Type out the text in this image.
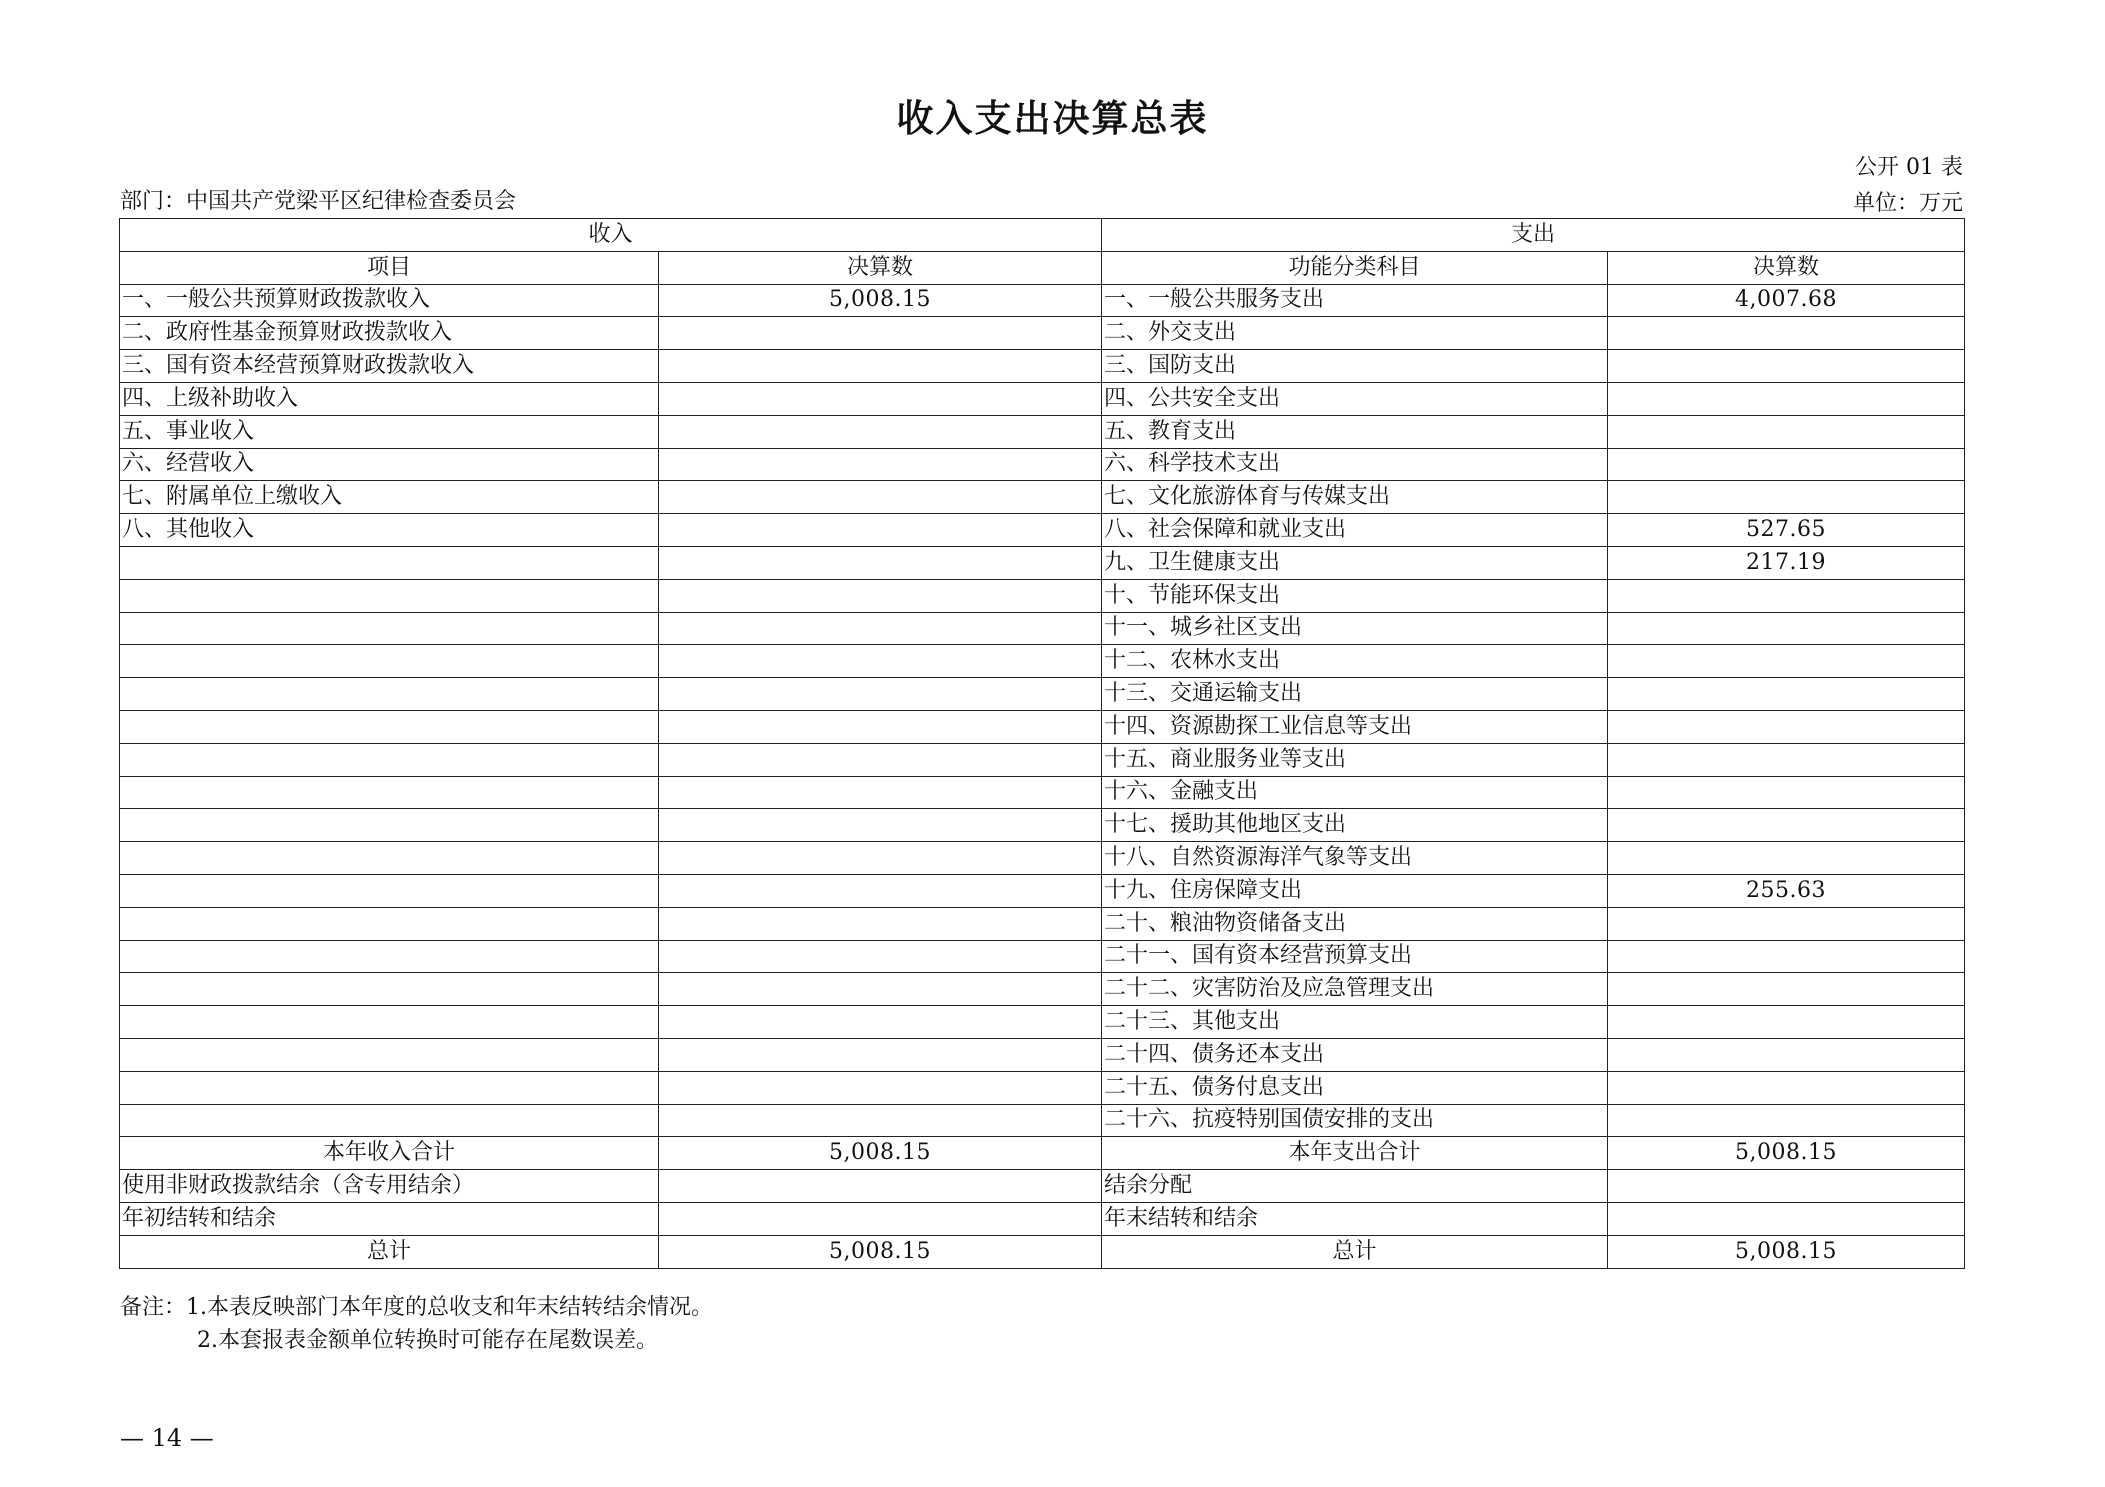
收入支出决算总表
公开 01 表
部门：中国共产党梁平区纪律检查委员会	单位：万元
收入		支出	
项目	决算数	功能分类科目	决算数
一、一般公共预算财政拨款收入	5,008.15	一、一般公共服务支出	4,007.68
二、政府性基金预算财政拨款收入		二、外交支出	
三、国有资本经营预算财政拨款收入		三、国防支出	
四、上级补助收入		四、公共安全支出	
五、事业收入		五、教育支出	
六、经营收入		六、科学技术支出	
七、附属单位上缴收入		七、文化旅游体育与传媒支出	
八、其他收入		八、社会保障和就业支出	527.65
		九、卫生健康支出	217.19
		十、节能环保支出	
		十一、城乡社区支出	
		十二、农林水支出	
		十三、交通运输支出	
		十四、资源勘探工业信息等支出	
		十五、商业服务业等支出	
		十六、金融支出	
		十七、援助其他地区支出	
		十八、自然资源海洋气象等支出	
		十九、住房保障支出	255.63
		二十、粮油物资储备支出	
		二十一、国有资本经营预算支出	
		二十二、灾害防治及应急管理支出	
		二十三、其他支出	
		二十四、债务还本支出	
		二十五、债务付息支出	
		二十六、抗疫特别国债安排的支出	
本年收入合计	5,008.15	本年支出合计	5,008.15
使用非财政拨款结余（含专用结余）		结余分配	
年初结转和结余		年末结转和结余	
总计	5,008.15	总计	5,008.15
备注：1.本表反映部门本年度的总收支和年末结转结余情况。
2.本套报表金额单位转换时可能存在尾数误差。
— 14 —
